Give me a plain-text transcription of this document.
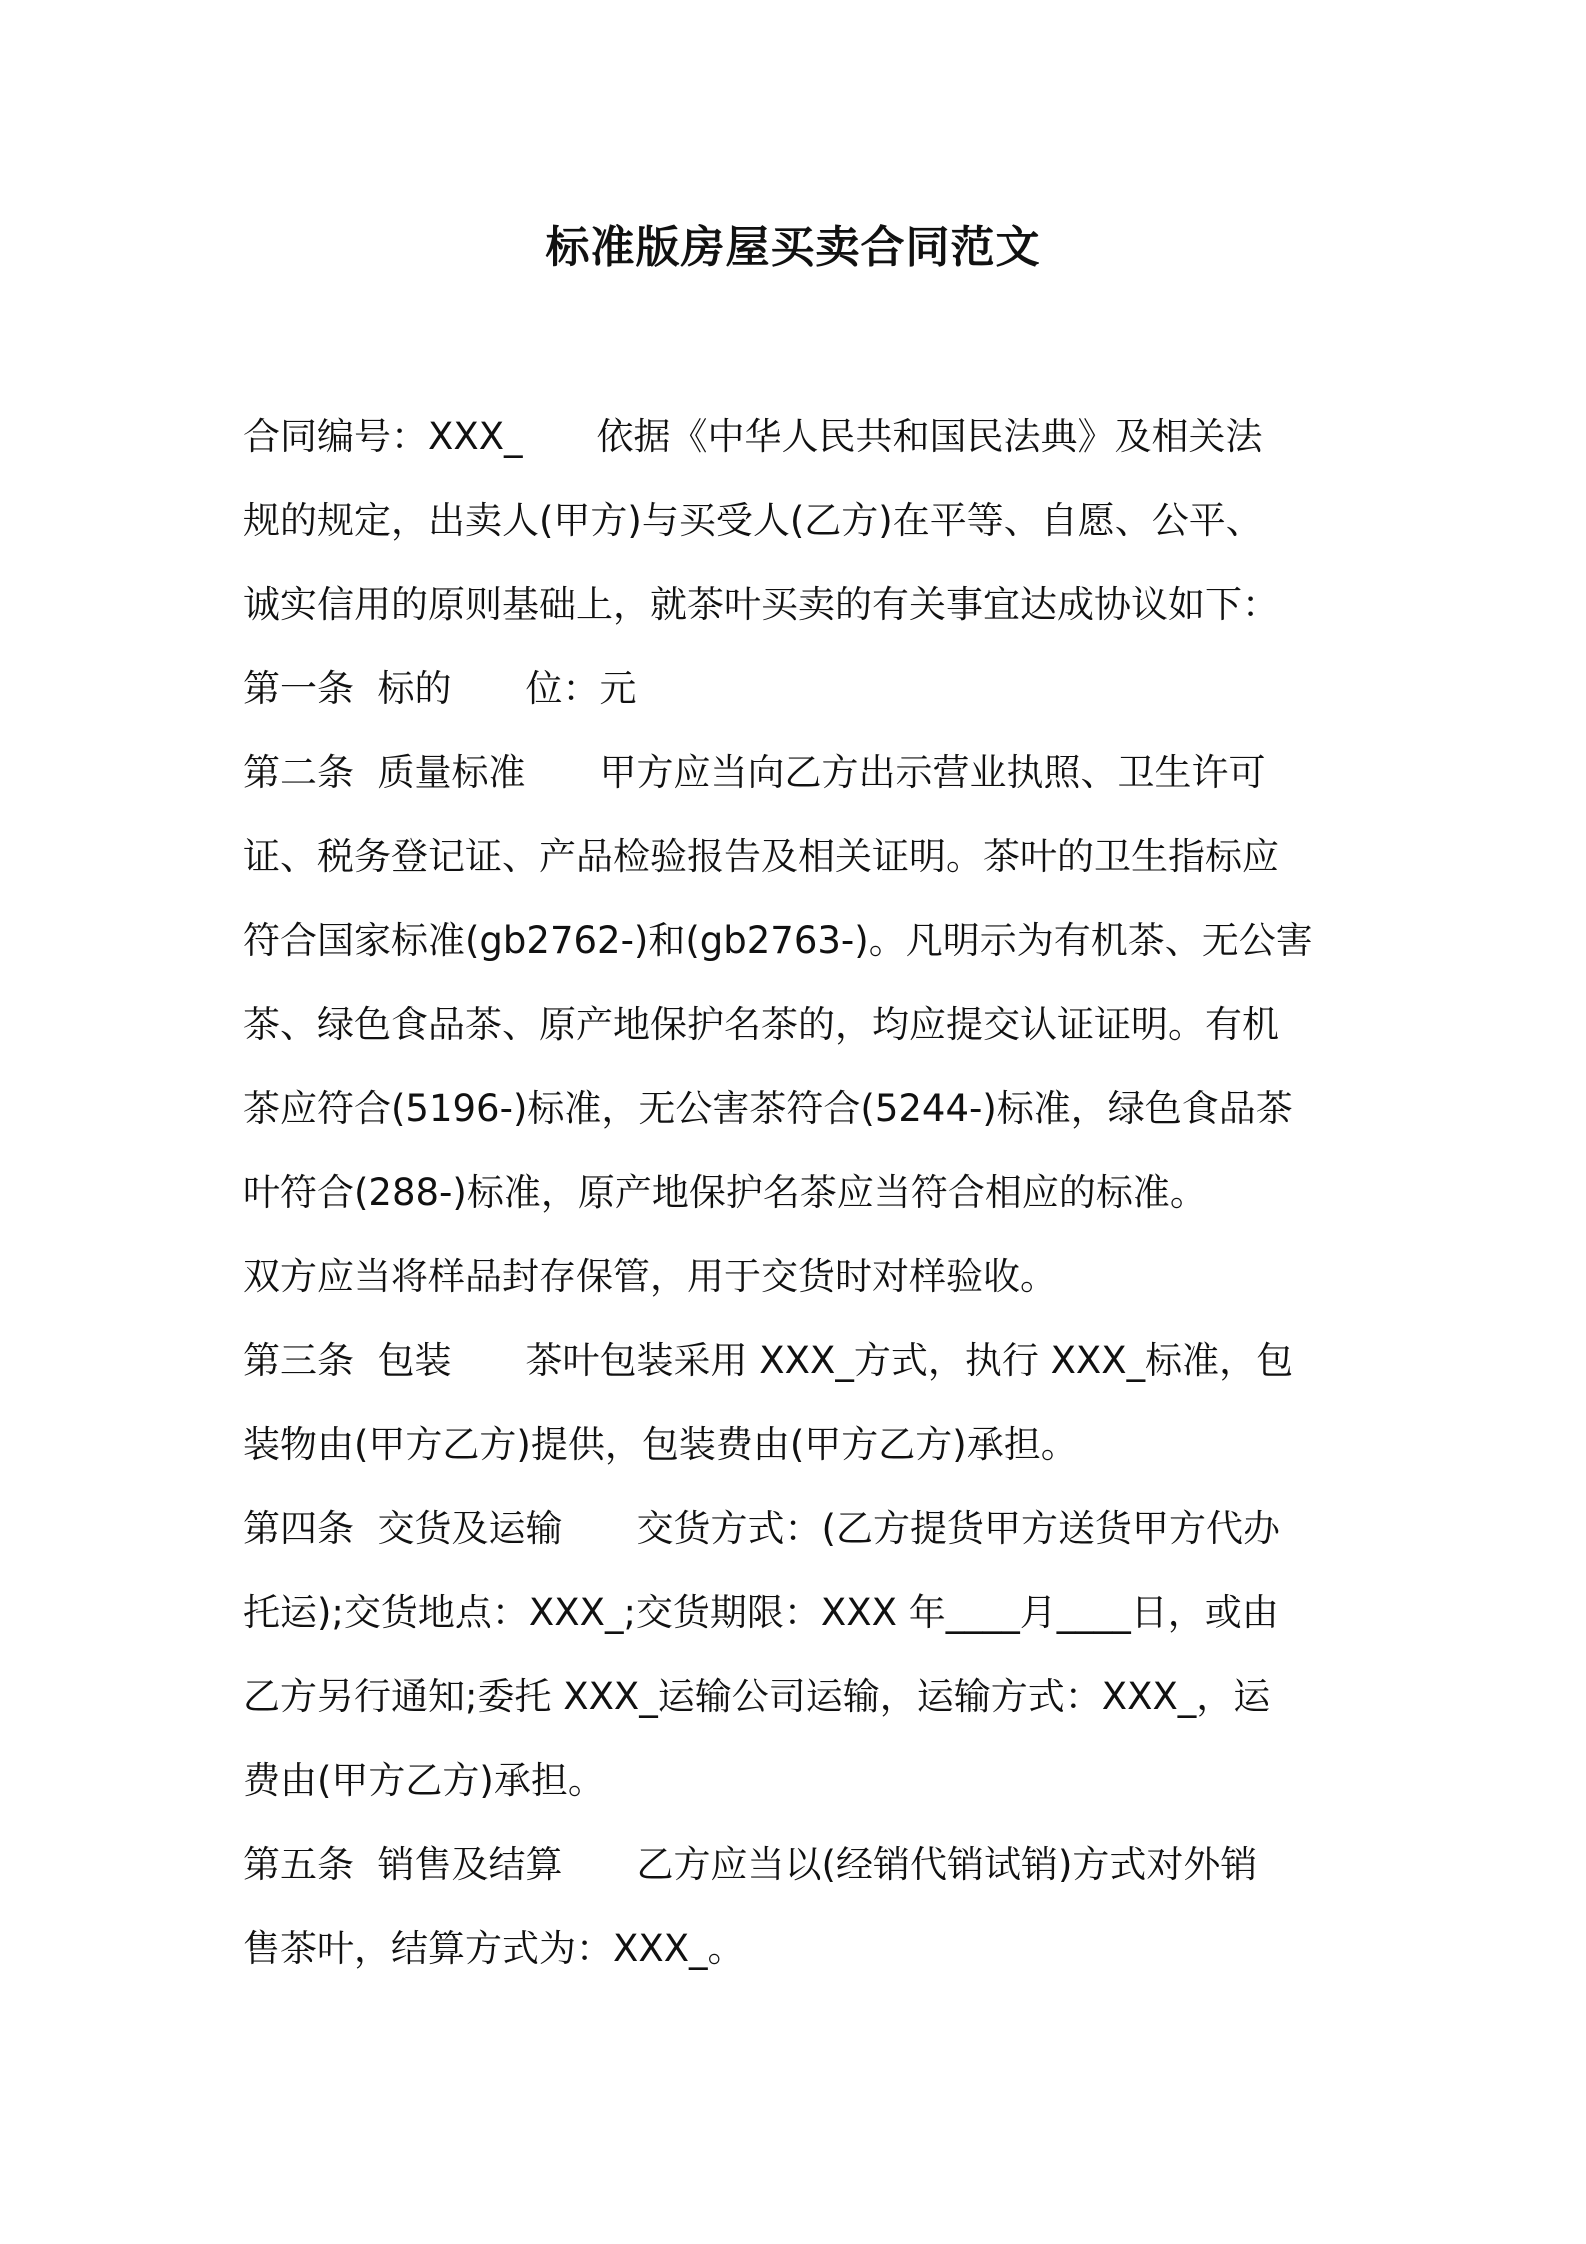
标准版房屋买卖合同范文
合同编号：XXX_　　依据《中华人民共和国民法典》及相关法
规的规定，出卖人(甲方)与买受人(乙方)在平等、自愿、公平、
诚实信用的原则基础上，就茶叶买卖的有关事宜达成协议如下：
第一条  标的　　位：元
第二条  质量标准　　甲方应当向乙方出示营业执照、卫生许可
证、税务登记证、产品检验报告及相关证明。茶叶的卫生指标应
符合国家标准(gb2762-)和(gb2763-)。凡明示为有机茶、无公害
茶、绿色食品茶、原产地保护名茶的，均应提交认证证明。有机
茶应符合(5196-)标准，无公害茶符合(5244-)标准，绿色食品茶
叶符合(288-)标准，原产地保护名茶应当符合相应的标准。
双方应当将样品封存保管，用于交货时对样验收。
第三条  包装　　茶叶包装采用 XXX_方式，执行 XXX_标准，包
装物由(甲方乙方)提供，包装费由(甲方乙方)承担。
第四条  交货及运输　　交货方式：(乙方提货甲方送货甲方代办
托运);交货地点：XXX_;交货期限：XXX 年____月____日，或由
乙方另行通知;委托 XXX_运输公司运输，运输方式：XXX_，运
费由(甲方乙方)承担。
第五条  销售及结算　　乙方应当以(经销代销试销)方式对外销
售茶叶，结算方式为：XXX_。
